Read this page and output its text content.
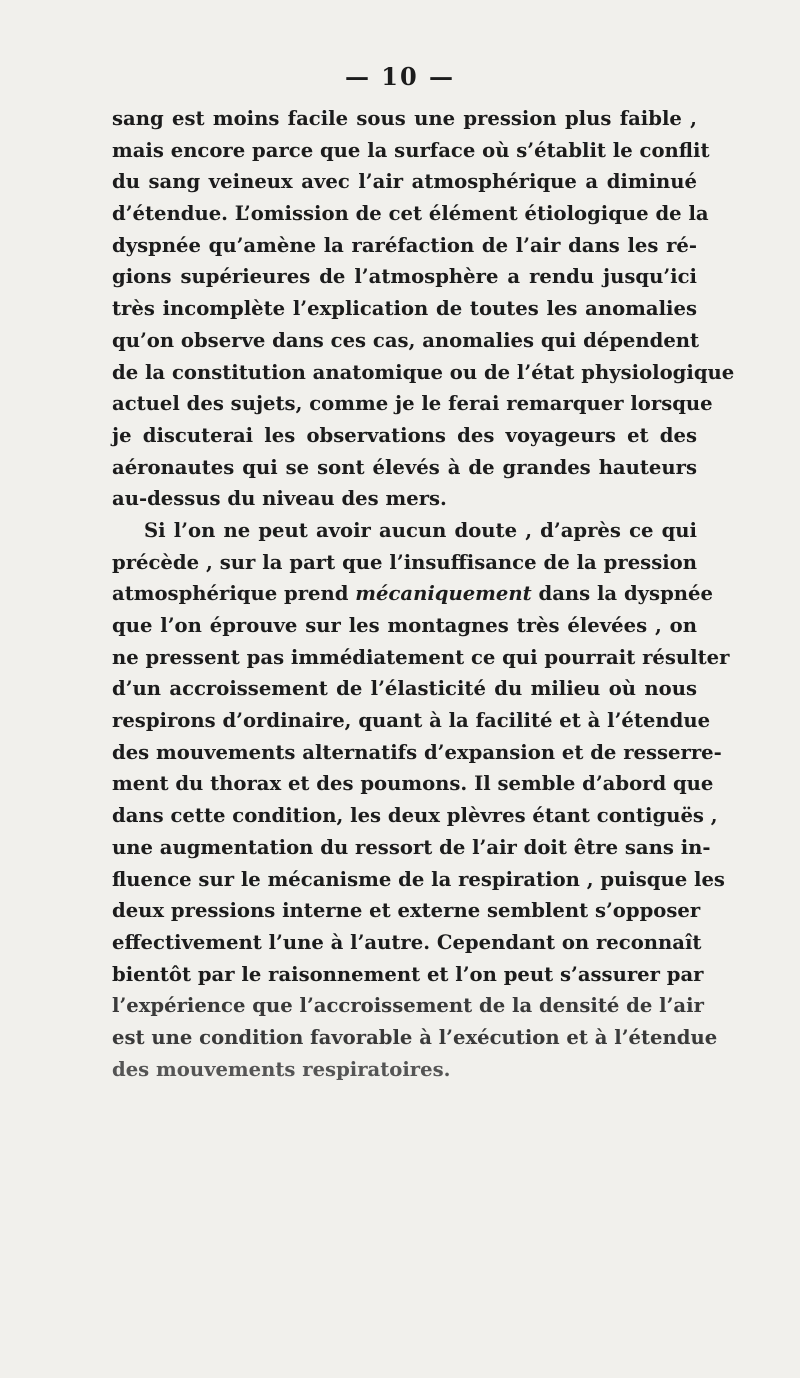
— 10 —
sang est moins facile sous une pression plus faible ,
mais encore parce que la surface où s’établit le conflit
du sang veineux avec l’air atmosphérique a diminué
d’étendue. L’omission de cet élément étiologique de la
dyspnée qu’amène la raréfaction de l’air dans les ré-
gions supérieures de l’atmosphère a rendu jusqu’ici
très incomplète l’explication de toutes les anomalies
qu’on observe dans ces cas, anomalies qui dépendent
de la constitution anatomique ou de l’état physiologique
actuel des sujets, comme je le ferai remarquer lorsque
je discuterai les observations des voyageurs et des
aéronautes qui se sont élevés à de grandes hauteurs
au-dessus du niveau des mers.
Si l’on ne peut avoir aucun doute , d’après ce qui
précède , sur la part que l’insuffisance de la pression
atmosphérique prend mécaniquement dans la dyspnée
que l’on éprouve sur les montagnes très élevées , on
ne pressent pas immédiatement ce qui pourrait résulter
d’un accroissement de l’élasticité du milieu où nous
respirons d’ordinaire, quant à la facilité et à l’étendue
des mouvements alternatifs d’expansion et de resserre-
ment du thorax et des poumons. Il semble d’abord que
dans cette condition, les deux plèvres étant contiguës ,
une augmentation du ressort de l’air doit être sans in-
fluence sur le mécanisme de la respiration , puisque les
deux pressions interne et externe semblent s’opposer
effectivement l’une à l’autre. Cependant on reconnaît
bientôt par le raisonnement et l’on peut s’assurer par
l’expérience que l’accroissement de la densité de l’air
est une condition favorable à l’exécution et à l’étendue
des mouvements respiratoires.
